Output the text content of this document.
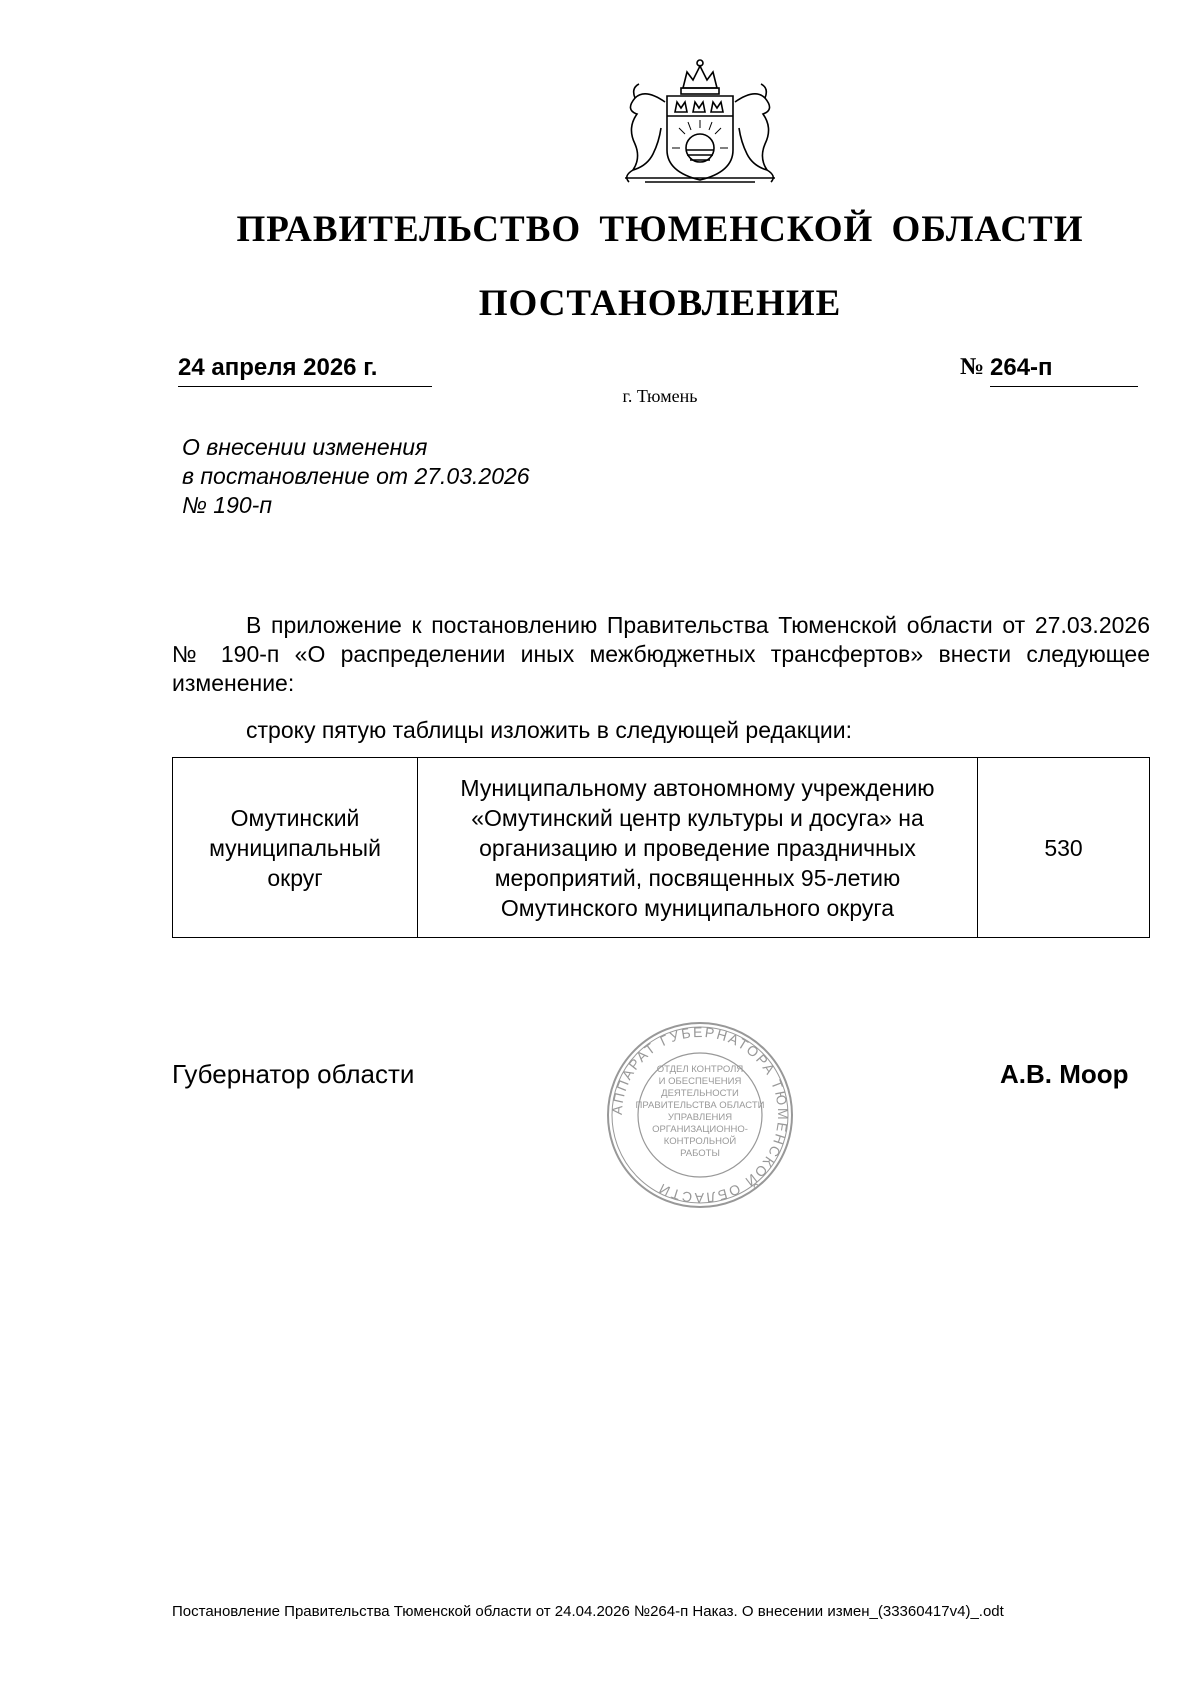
ПРАВИТЕЛЬСТВО ТЮМЕНСКОЙ ОБЛАСТИ
ПОСТАНОВЛЕНИЕ
24 апреля 2026 г.	№ 264-п
г. Тюмень
О внесении изменения
в постановление от 27.03.2026
№ 190-п
В приложение к постановлению Правительства Тюменской области от 27.03.2026 № 190-п «О распределении иных межбюджетных трансфертов» внести следующее изменение:
строку пятую таблицы изложить в следующей редакции:
Омутинский муниципальный округ	Муниципальному автономному учреждению «Омутинский центр культуры и досуга» на организацию и проведение праздничных мероприятий, посвященных 95-летию Омутинского муниципального округа	530
Губернатор области
АППАРАТ ГУБЕРНАТОРА ТЮМЕНСКОЙ ОБЛАСТИ
ОТДЕЛ КОНТРОЛЯ
И ОБЕСПЕЧЕНИЯ
ДЕЯТЕЛЬНОСТИ
ПРАВИТЕЛЬСТВА ОБЛАСТИ
УПРАВЛЕНИЯ
ОРГАНИЗАЦИОННО-
КОНТРОЛЬНОЙ
РАБОТЫ
А.В. Моор
Постановление Правительства Тюменской области от 24.04.2026 №264-п Наказ. О внесении измен_(33360417v4)_.odt
